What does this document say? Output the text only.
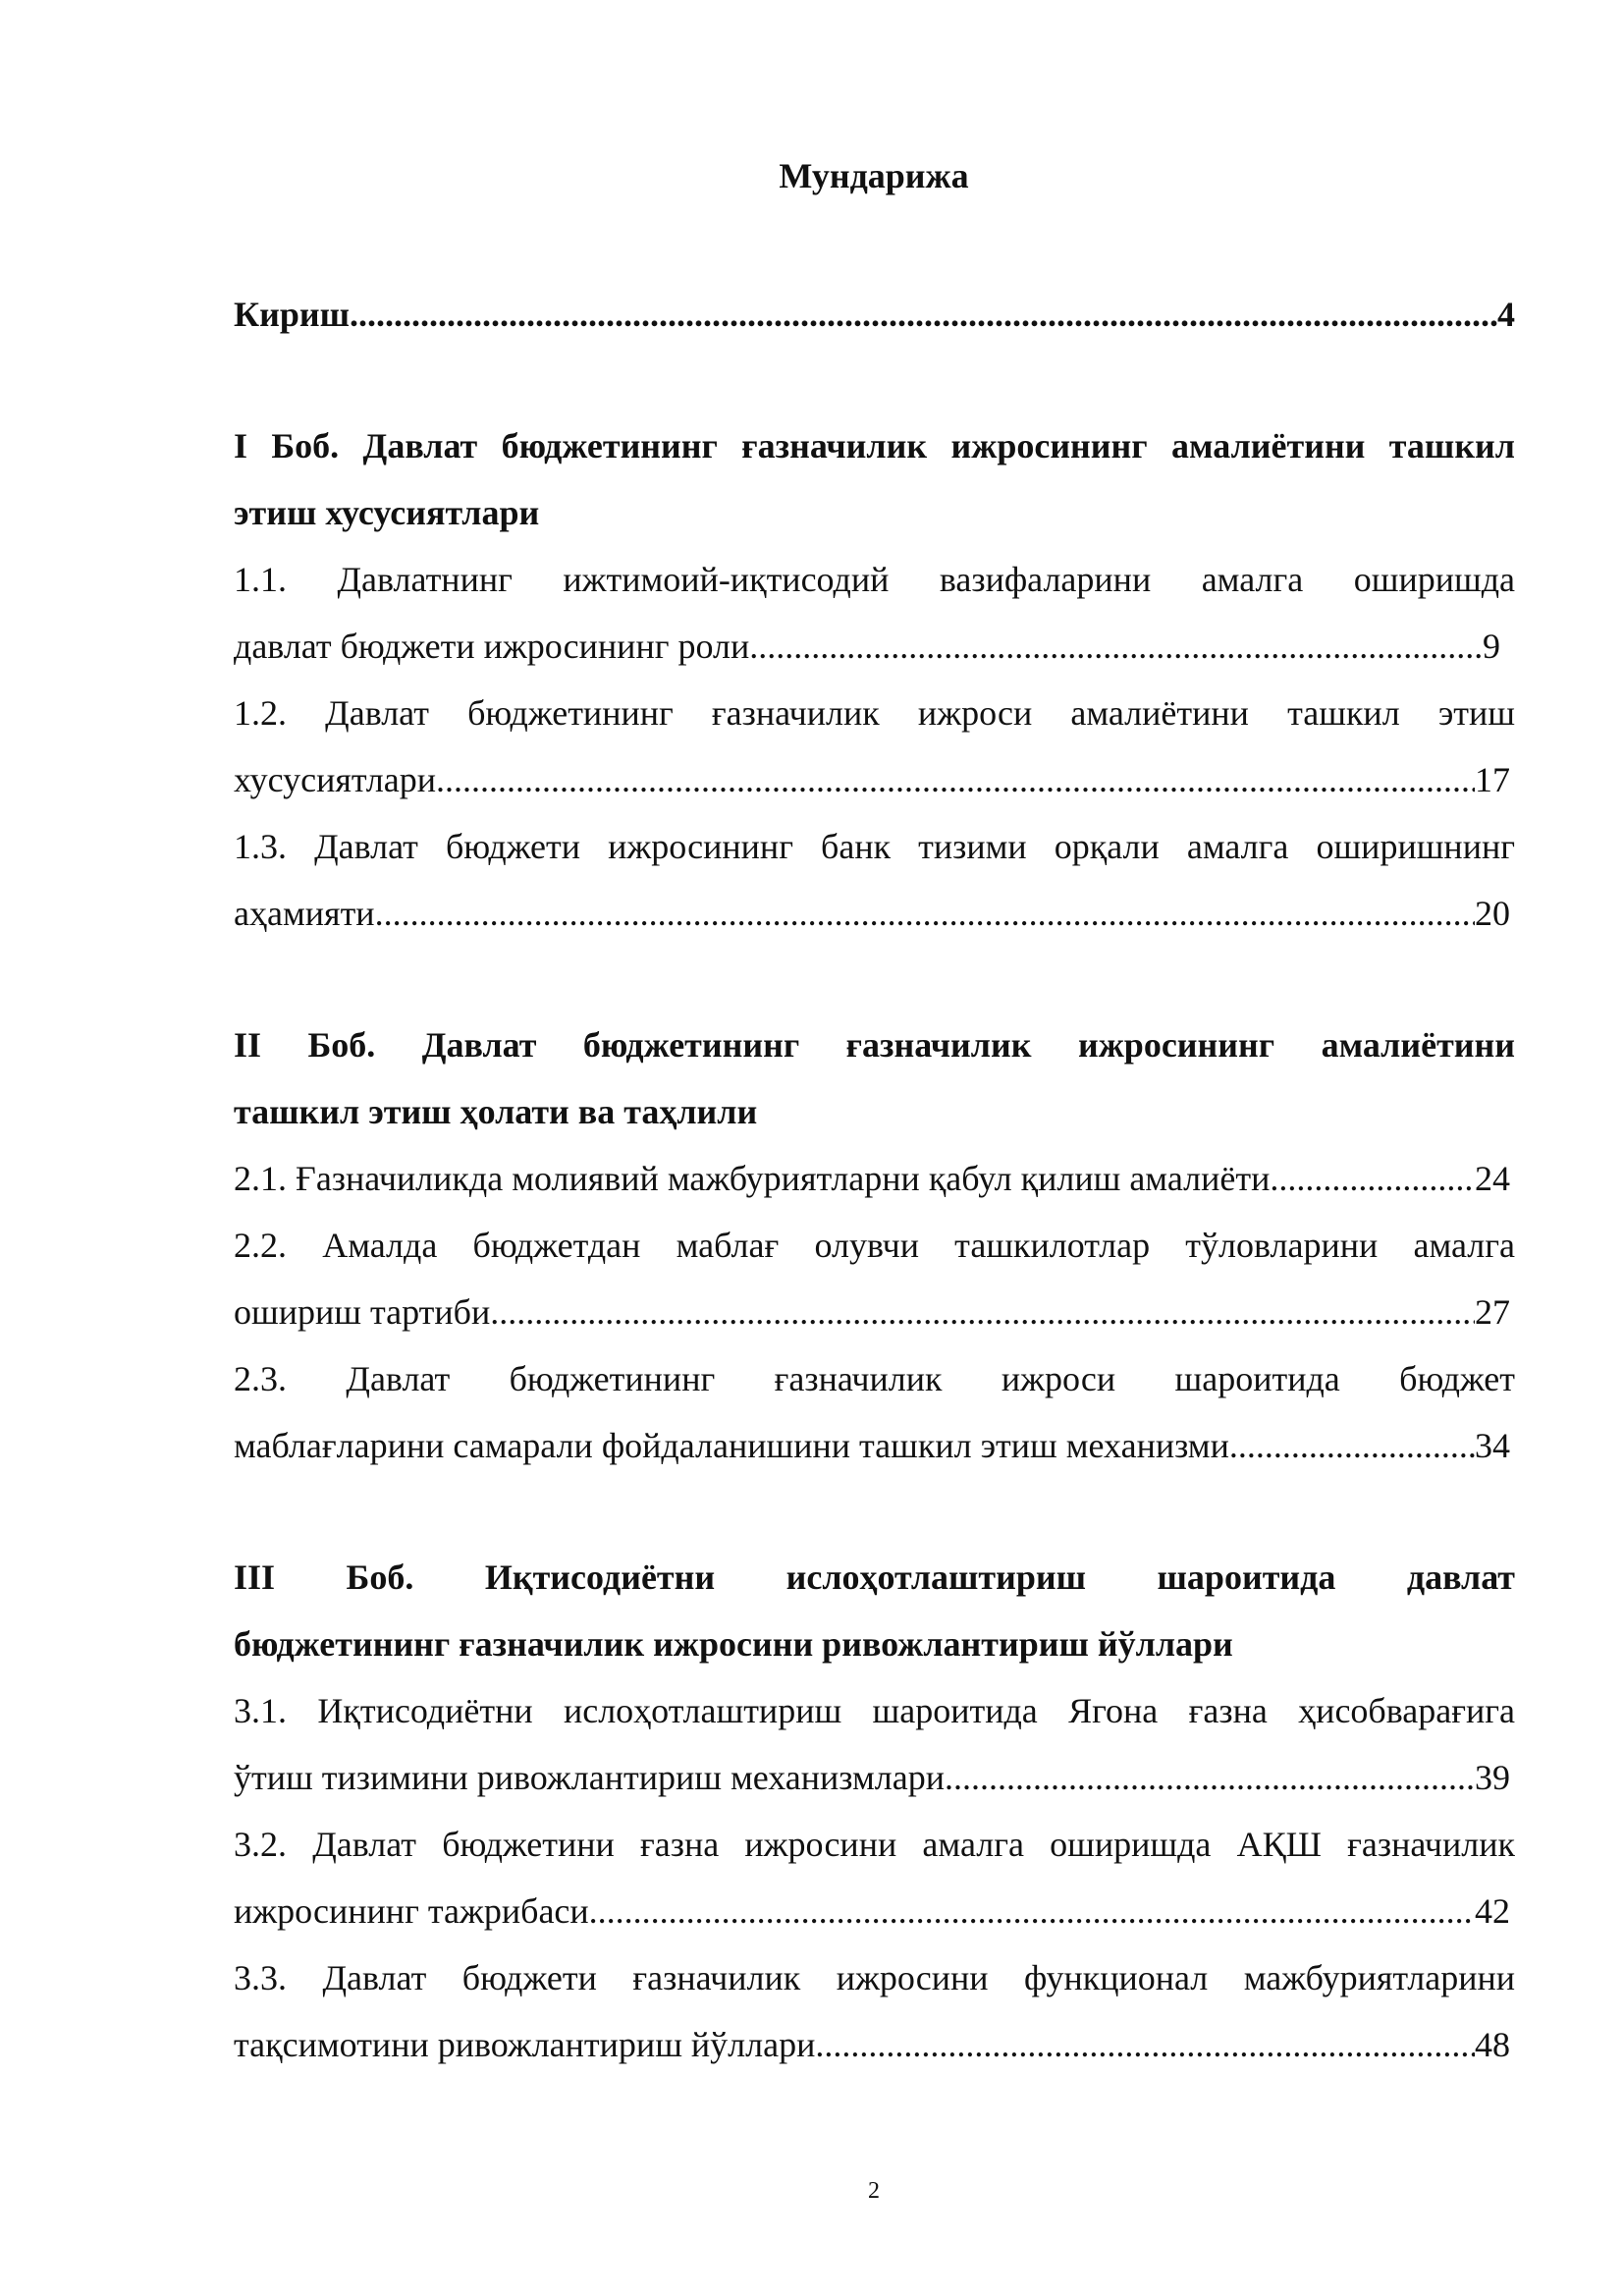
Мундарижа
Кириш .....	4
I Боб. Давлат бюджетининг ғазначилик ижросининг амалиётини ташкил
этиш хусусиятлари
1.1. Давлатнинг ижтимоий-иқтисодий вазифаларини амалга оширишда
давлат бюджети ижросининг роли .....	9
1.2. Давлат бюджетининг ғазначилик ижроси амалиётини ташкил этиш
хусусиятлари .....	17
1.3. Давлат бюджети ижросининг банк тизими орқали амалга оширишнинг
аҳамияти .....	20
II Боб. Давлат бюджетининг ғазначилик ижросининг амалиётини
ташкил этиш ҳолати ва таҳлили
2.1. Ғазначиликда молиявий мажбуриятларни қабул қилиш амалиёти .....	24
2.2. Амалда бюджетдан маблағ олувчи ташкилотлар тўловларини амалга
ошириш тартиби .....	27
2.3. Давлат бюджетининг ғазначилик ижроси шароитида бюджет
маблағларини самарали фойдаланишини ташкил этиш механизми .....	34
III Боб. Иқтисодиётни ислоҳотлаштириш шароитида давлат
бюджетининг ғазначилик ижросини ривожлантириш йўллари
3.1. Иқтисодиётни ислоҳотлаштириш шароитида Ягона ғазна ҳисобварағига
ўтиш тизимини ривожлантириш механизмлари .....	39
3.2. Давлат бюджетини ғазна ижросини амалга оширишда АҚШ ғазначилик
ижросининг тажрибаси .....	42
3.3. Давлат бюджети ғазначилик ижросини функционал мажбуриятларини
тақсимотини ривожлантириш йўллари .....	48
2
